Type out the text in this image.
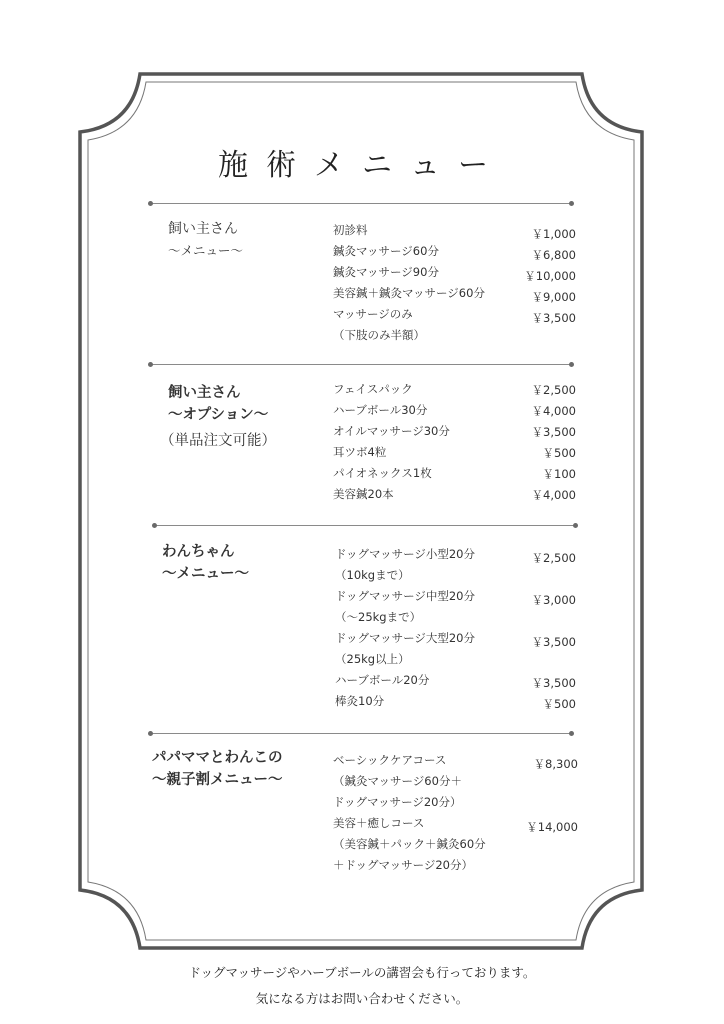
施術メニュー
飼い主さん
～メニュー～
初診料	￥1,000
鍼灸マッサージ60分	￥6,800
鍼灸マッサージ90分	￥10,000
美容鍼＋鍼灸マッサージ60分	￥9,000
マッサージのみ	￥3,500
（下肢のみ半額）
飼い主さん
～オプション～
（単品注文可能）
フェイスパック	￥2,500
ハーブボール30分	￥4,000
オイルマッサージ30分	￥3,500
耳ツボ4粒	￥500
パイオネックス1枚	￥100
美容鍼20本	￥4,000
わんちゃん
～メニュー～
ドッグマッサージ小型20分	￥2,500
（10kgまで）
ドッグマッサージ中型20分	￥3,000
（～25kgまで）
ドッグマッサージ大型20分	￥3,500
（25kg以上）
ハーブボール20分	￥3,500
棒灸10分	￥500
パパママとわんこの
～親子割メニュー～
ベーシックケアコース	￥8,300
（鍼灸マッサージ60分＋
ドッグマッサージ20分）
美容＋癒しコース	￥14,000
（美容鍼＋パック＋鍼灸60分
＋ドッグマッサージ20分）
ドッグマッサージやハーブボールの講習会も行っております。
気になる方はお問い合わせください。
